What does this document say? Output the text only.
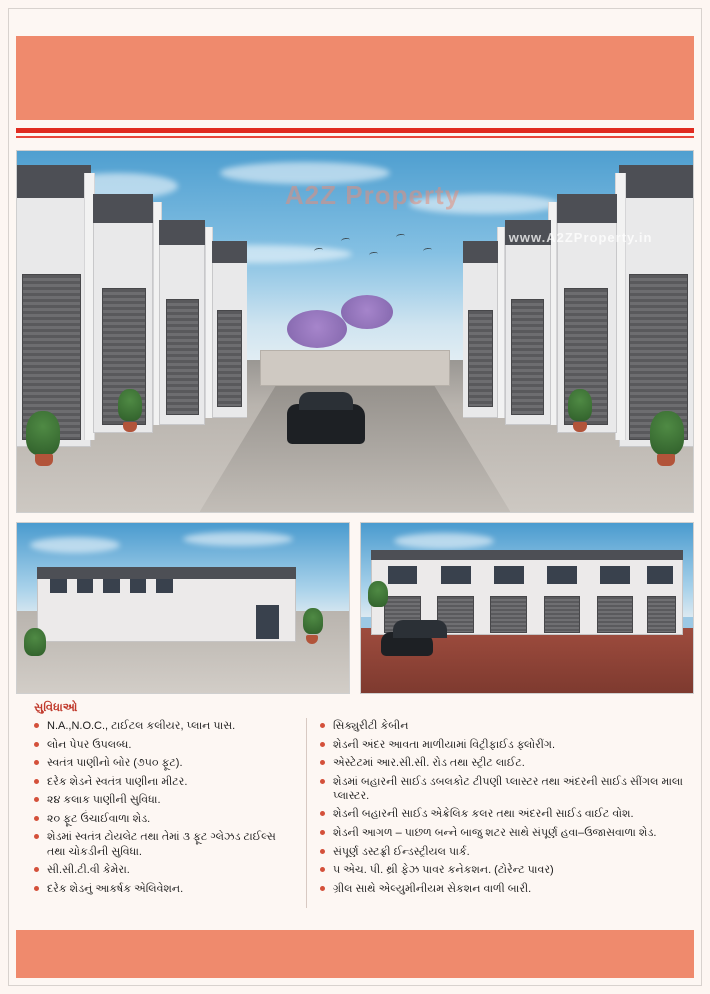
A2Z Property
www.A2ZProperty.in
સુવિધાઓ
N.A.,N.O.C., ટાઈટલ કલીયર, પ્લાન પાસ.
લોન પેપર ઉપલબ્ધ.
સ્વતંત્ર પાણીનો બોર (૭૫૦ ફૂટ).
દરેક શેડને સ્વતંત્ર પાણીના મીટર.
૨૪ કલાક પાણીની સુવિધા.
૨૦ ફૂટ ઉંચાઈવાળા શેડ.
શેડમાં સ્વતંત્ર ટોયલેટ તથા તેમાં ૩ ફૂટ ગ્લેઝડ ટાઈલ્સ તથા ચોકડીની સુવિધા.
સી.સી.ટી.વી કેમેરા.
દરેક શેડનું આકર્ષક એલિવેશન.
સિક્યુરીટી કેબીન
શેડની અંદર આવતા માળીયામાં વિટ્રીફાઈડ ફ્લોરીંગ.
એસ્ટેટમાં આર.સી.સી. રોડ તથા સ્ટ્રીટ લાઈટ.
શેડમાં બહારની સાઈડ ડબલકોટ ટીપણી પ્લાસ્ટર તથા અંદરની સાઈડ સીંગલ માલા પ્લાસ્ટર.
શેડની બહારની સાઈડ એક્રેલિક કલર તથા અંદરની સાઈડ વાઈટ વોશ.
શેડની આગળ – પાછળ બન્ને બાજુ શટર સાથે સંપૂર્ણ હવા–ઉજાસવાળા શેડ.
સંપૂર્ણ ડસ્ટફ્રી ઈન્ડસ્ટ્રીયલ પાર્ક.
૫ એચ. પી. થ્રી ફેઝ પાવર કનેકશન. (ટોરેન્ટ પાવર)
ગ્રીલ સાથે એલ્યુમીનીયમ સેકશન વાળી બારી.
